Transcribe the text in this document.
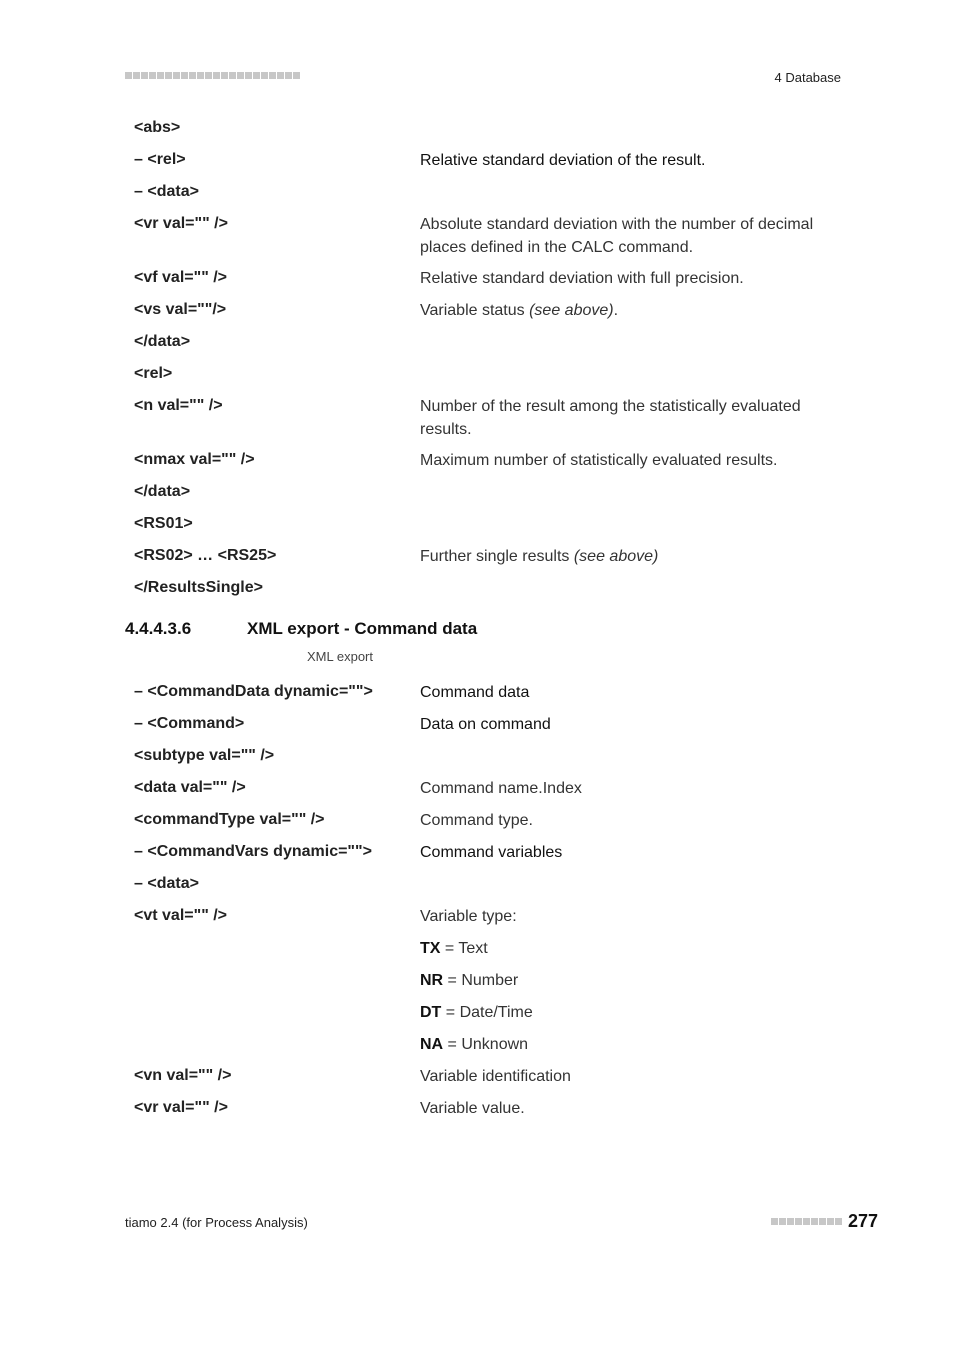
4 Database
<abs>
– <rel>	Relative standard deviation of the result.
– <data>
<vr val="" />	Absolute standard deviation with the number of decimal places defined in the CALC command.
<vf val="" />	Relative standard deviation with full precision.
<vs val=""/>	Variable status (see above).
</data>
<rel>
<n val="" />	Number of the result among the statistically evaluated results.
<nmax val="" />	Maximum number of statistically evaluated results.
</data>
<RS01>
<RS02> … <RS25>	Further single results (see above)
</ResultsSingle>
4.4.4.3.6	XML export - Command data
XML export
– <CommandData dynamic="">	Command data
– <Command>	Data on command
<subtype val="" />
<data val="" />	Command name.Index
<commandType val="" />	Command type.
– <CommandVars dynamic="">	Command variables
– <data>
<vt val="" />	Variable type:
TX = Text
NR = Number
DT = Date/Time
NA = Unknown
<vn val="" />	Variable identification
<vr val="" />	Variable value.
tiamo 2.4 (for Process Analysis)	277
